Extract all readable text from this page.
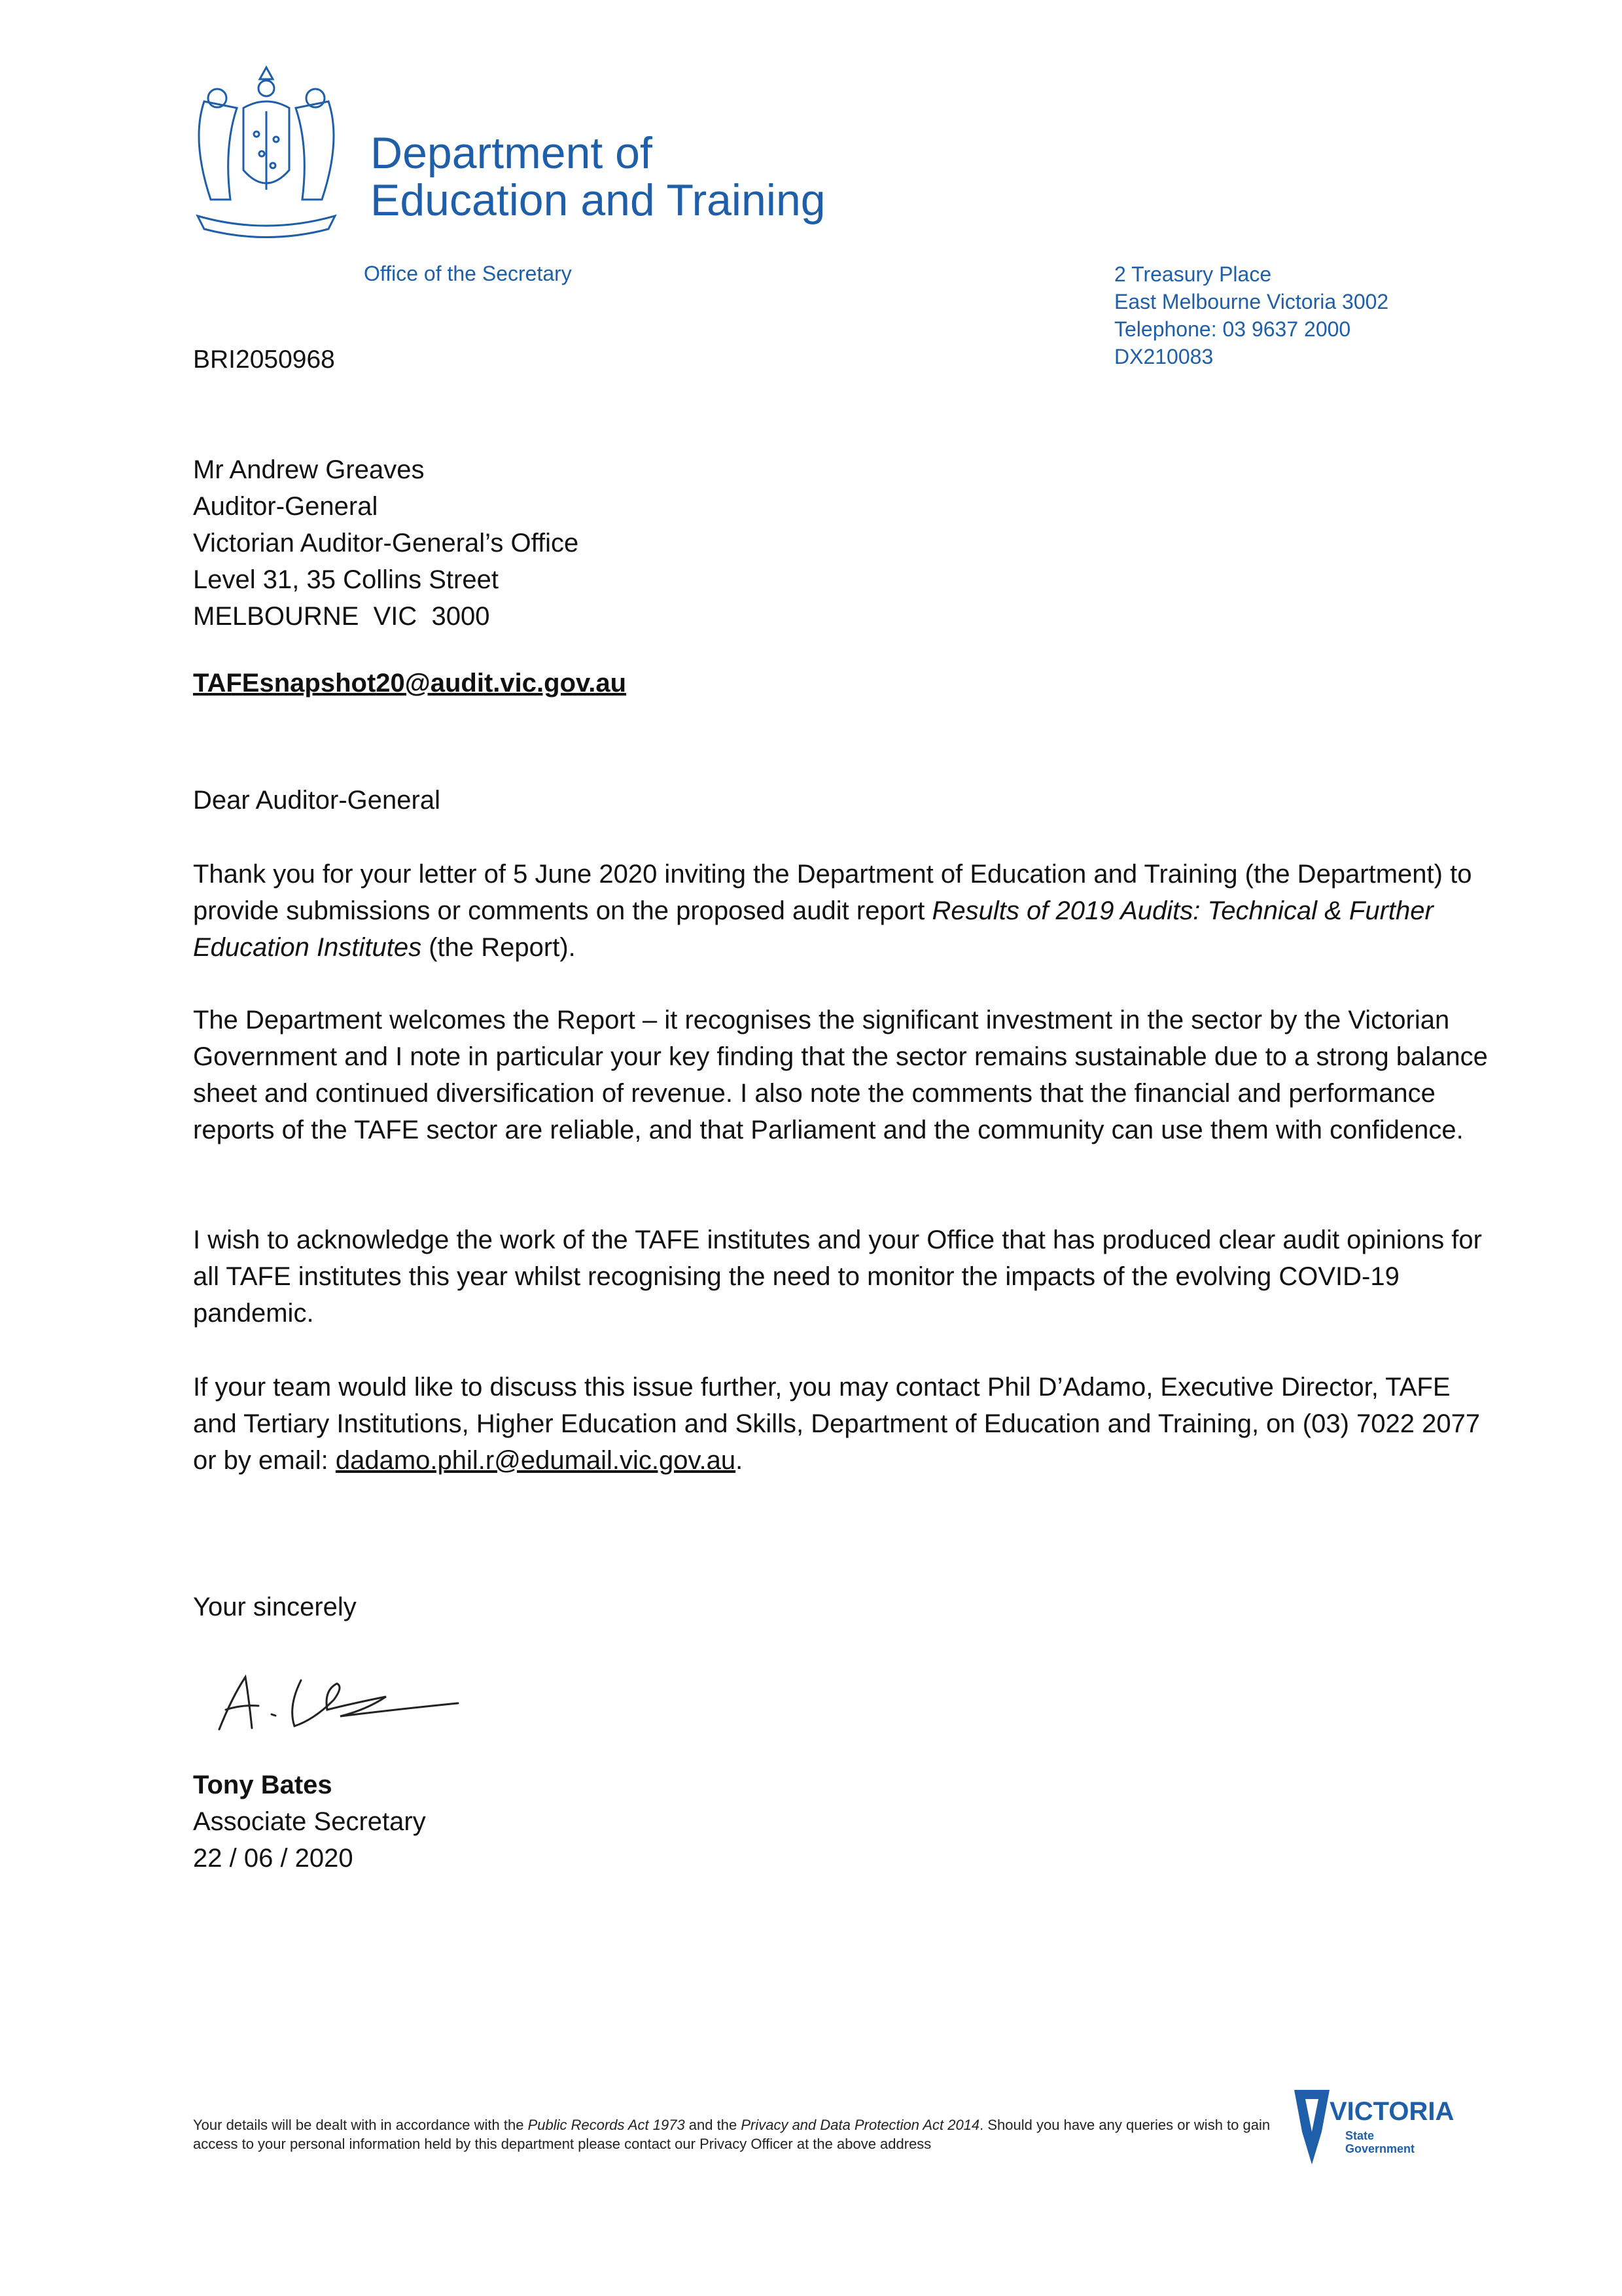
Department of
Education and Training
Office of the Secretary	2 Treasury Place
East Melbourne Victoria 3002
Telephone: 03 9637 2000
DX210083
BRI2050968
Mr Andrew Greaves
Auditor-General
Victorian Auditor-General’s Office
Level 31, 35 Collins Street
MELBOURNE  VIC  3000
TAFEsnapshot20@audit.vic.gov.au

Dear Auditor-General

Thank you for your letter of 5 June 2020 inviting the Department of Education and Training (the Department) to provide submissions or comments on the proposed audit report Results of 2019 Audits: Technical & Further Education Institutes (the Report).

The Department welcomes the Report – it recognises the significant investment in the sector by the Victorian Government and I note in particular your key finding that the sector remains sustainable due to a strong balance sheet and continued diversification of revenue. I also note the comments that the financial and performance reports of the TAFE sector are reliable, and that Parliament and the community can use them with confidence.

I wish to acknowledge the work of the TAFE institutes and your Office that has produced clear audit opinions for all TAFE institutes this year whilst recognising the need to monitor the impacts of the evolving COVID-19 pandemic.

If your team would like to discuss this issue further, you may contact Phil D’Adamo, Executive Director, TAFE and Tertiary Institutions, Higher Education and Skills, Department of Education and Training, on (03) 7022 2077 or by email: dadamo.phil.r@edumail.vic.gov.au.

Your sincerely

Tony Bates
Associate Secretary
22 / 06 / 2020
Your details will be dealt with in accordance with the Public Records Act 1973 and the Privacy and Data Protection Act 2014. Should you have any queries or wish to gain access to your personal information held by this department please contact our Privacy Officer at the above address
VICTORIA
State
Government
